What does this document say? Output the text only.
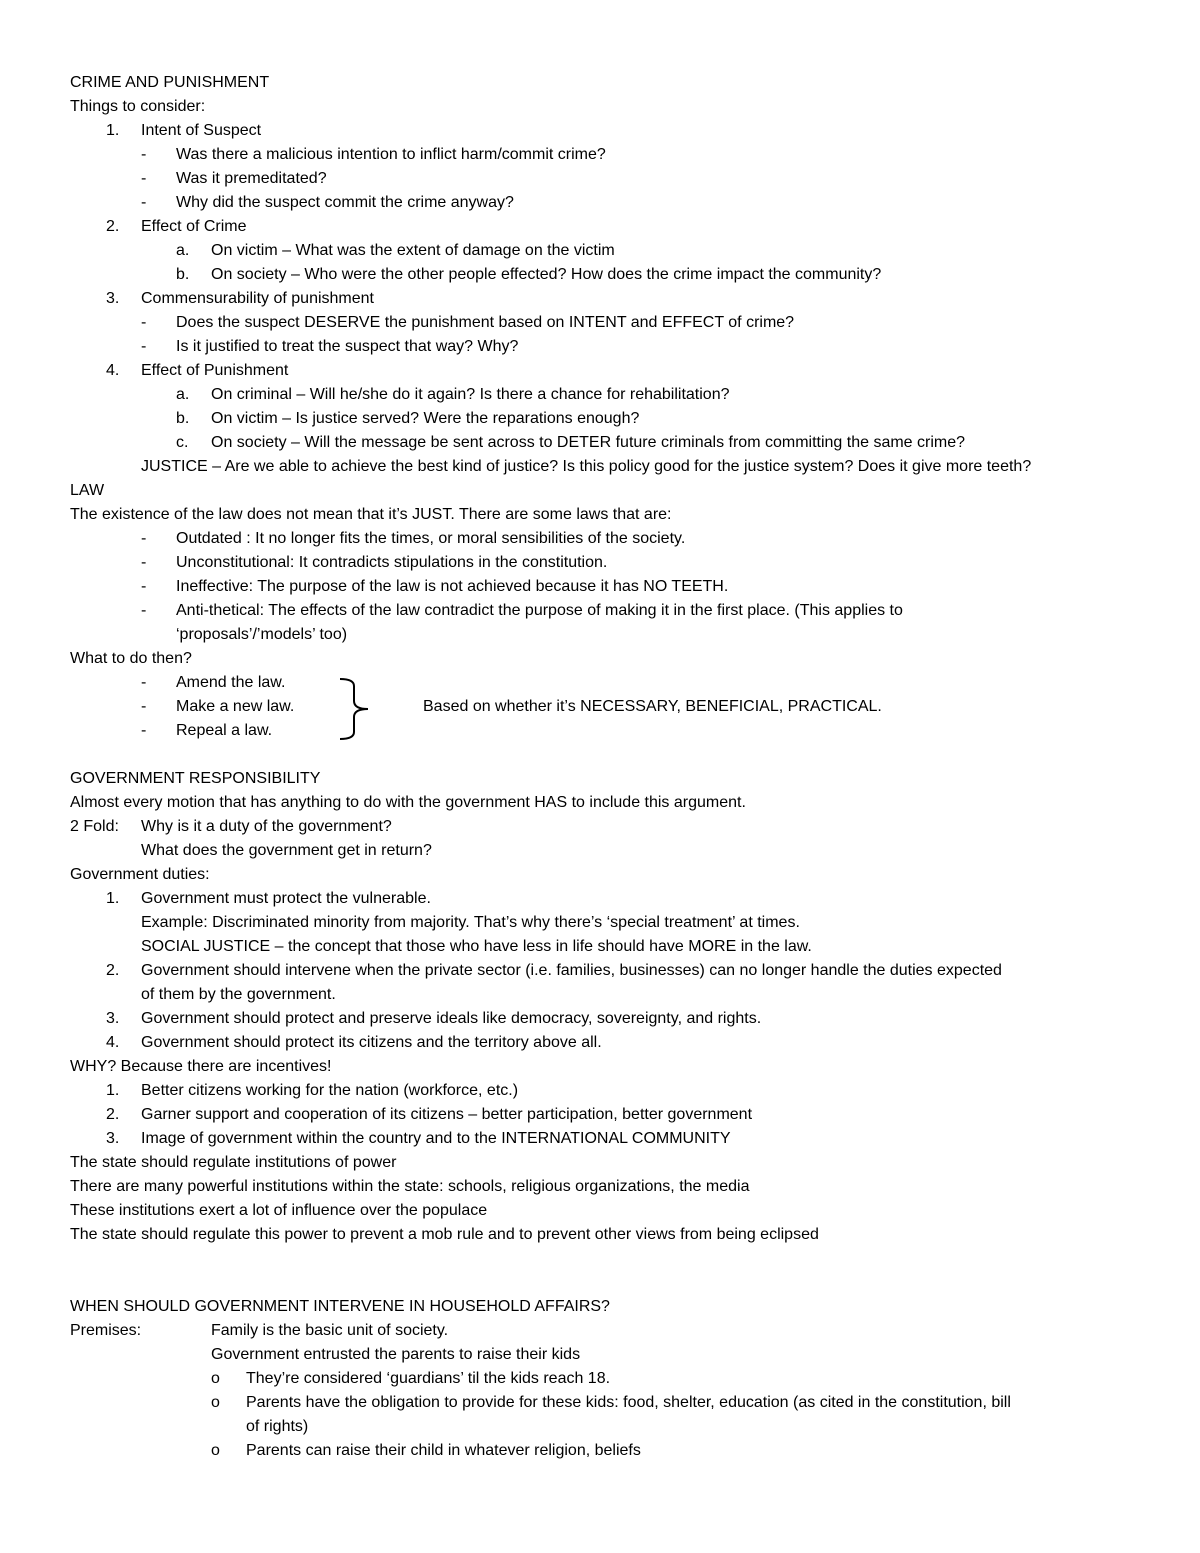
CRIME AND PUNISHMENT
Things to consider:
1. Intent of Suspect
- Was there a malicious intention to inflict harm/commit crime?
- Was it premeditated?
- Why did the suspect commit the crime anyway?
2. Effect of Crime
a. On victim – What was the extent of damage on the victim
b. On society – Who were the other people effected? How does the crime impact the community?
3. Commensurability of punishment
- Does the suspect DESERVE the punishment based on INTENT and EFFECT of crime?
- Is it justified to treat the suspect that way? Why?
4. Effect of Punishment
a. On criminal – Will he/she do it again? Is there a chance for rehabilitation?
b. On victim – Is justice served? Were the reparations enough?
c. On society – Will the message be sent across to DETER future criminals from committing the same crime?
JUSTICE – Are we able to achieve the best kind of justice? Is this policy good for the justice system? Does it give more teeth?
LAW
The existence of the law does not mean that it’s JUST. There are some laws that are:
- Outdated : It no longer fits the times, or moral sensibilities of the society.
- Unconstitutional: It contradicts stipulations in the constitution.
- Ineffective: The purpose of the law is not achieved because it has NO TEETH.
- Anti-thetical: The effects of the law contradict the purpose of making it in the first place. (This applies to
‘proposals’/’models’ too)
What to do then?
- Amend the law.
- Make a new law.
- Repeal a law.
GOVERNMENT RESPONSIBILITY
Almost every motion that has anything to do with the government HAS to include this argument.
2 Fold: Why is it a duty of the government?
What does the government get in return?
Government duties:
1. Government must protect the vulnerable.
Example: Discriminated minority from majority. That’s why there’s ‘special treatment’ at times.
SOCIAL JUSTICE – the concept that those who have less in life should have MORE in the law.
2. Government should intervene when the private sector (i.e. families, businesses) can no longer handle the duties expected
of them by the government.
3. Government should protect and preserve ideals like democracy, sovereignty, and rights.
4. Government should protect its citizens and the territory above all.
WHY? Because there are incentives!
1. Better citizens working for the nation (workforce, etc.)
2. Garner support and cooperation of its citizens – better participation, better government
3. Image of government within the country and to the INTERNATIONAL COMMUNITY
The state should regulate institutions of power
There are many powerful institutions within the state: schools, religious organizations, the media
These institutions exert a lot of influence over the populace
The state should regulate this power to prevent a mob rule and to prevent other views from being eclipsed
WHEN SHOULD GOVERNMENT INTERVENE IN HOUSEHOLD AFFAIRS?
Premises:	Family is the basic unit of society.
Government entrusted the parents to raise their kids
o They’re considered ‘guardians’ til the kids reach 18.
o Parents have the obligation to provide for these kids: food, shelter, education (as cited in the constitution, bill
of rights)
o Parents can raise their child in whatever religion, beliefs
Based on whether it’s NECESSARY, BENEFICIAL, PRACTICAL.
